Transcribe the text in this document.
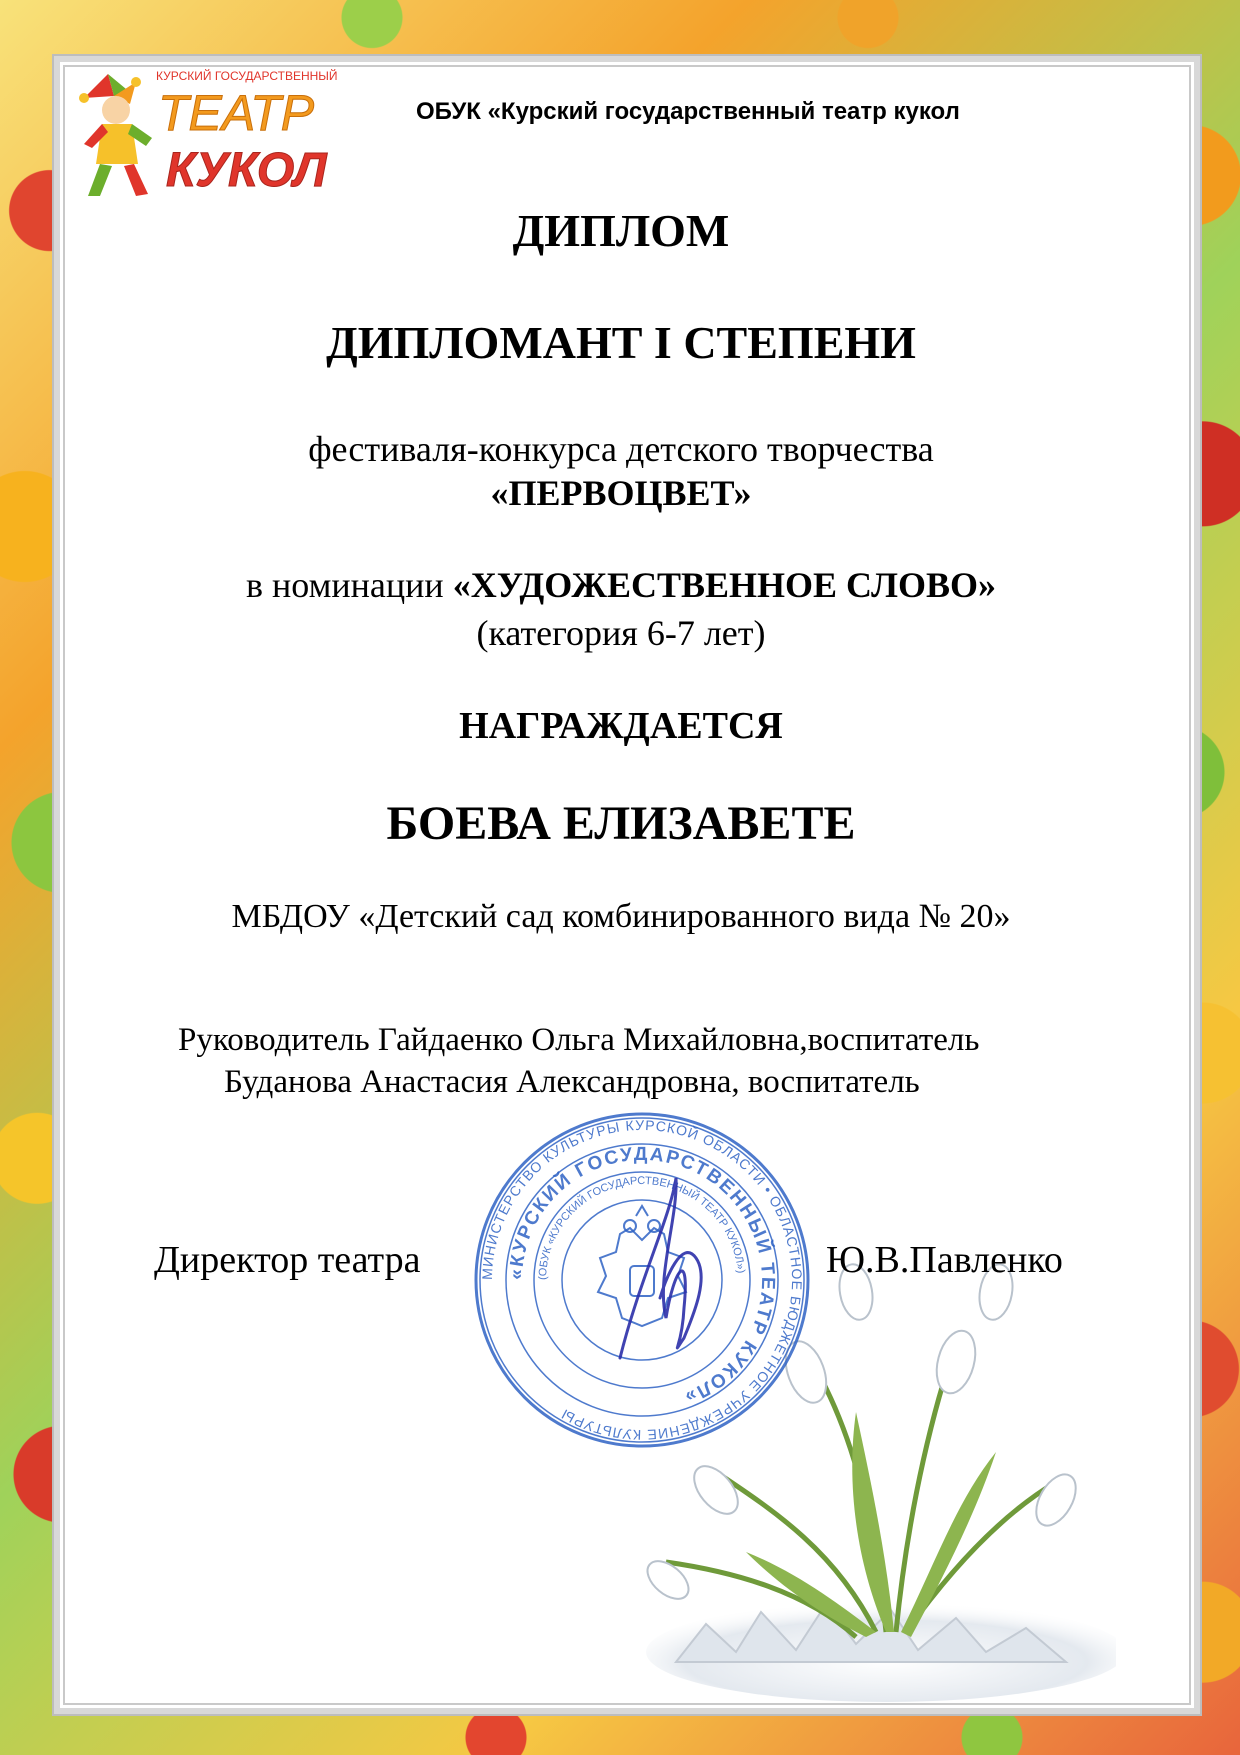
КУРСКИЙ ГОСУДАРСТВЕННЫЙ
ТЕАТР
КУКОЛ
ОБУК «Курский государственный театр кукол
ДИПЛОМ
ДИПЛОМАНТ I СТЕПЕНИ
фестиваля-конкурса детского творчества
«ПЕРВОЦВЕТ»
в номинации «ХУДОЖЕСТВЕННОЕ СЛОВО»
(категория 6-7 лет)
НАГРАЖДАЕТСЯ
БОЕВА ЕЛИЗАВЕТЕ
МБДОУ «Детский сад комбинированного вида № 20»
Руководитель Гайдаенко Ольга Михайловна,воспитатель
Буданова Анастасия Александровна, воспитатель
МИНИСТЕРСТВО КУЛЬТУРЫ КУРСКОЙ ОБЛАСТИ • ОБЛАСТНОЕ БЮДЖЕТНОЕ УЧРЕЖДЕНИЕ КУЛЬТУРЫ
«КУРСКИЙ ГОСУДАРСТВЕННЫЙ ТЕАТР КУКОЛ»
(ОБУК «КУРСКИЙ ГОСУДАРСТВЕННЫЙ ТЕАТР КУКОЛ»)
Директор театра	Ю.В.Павленко
